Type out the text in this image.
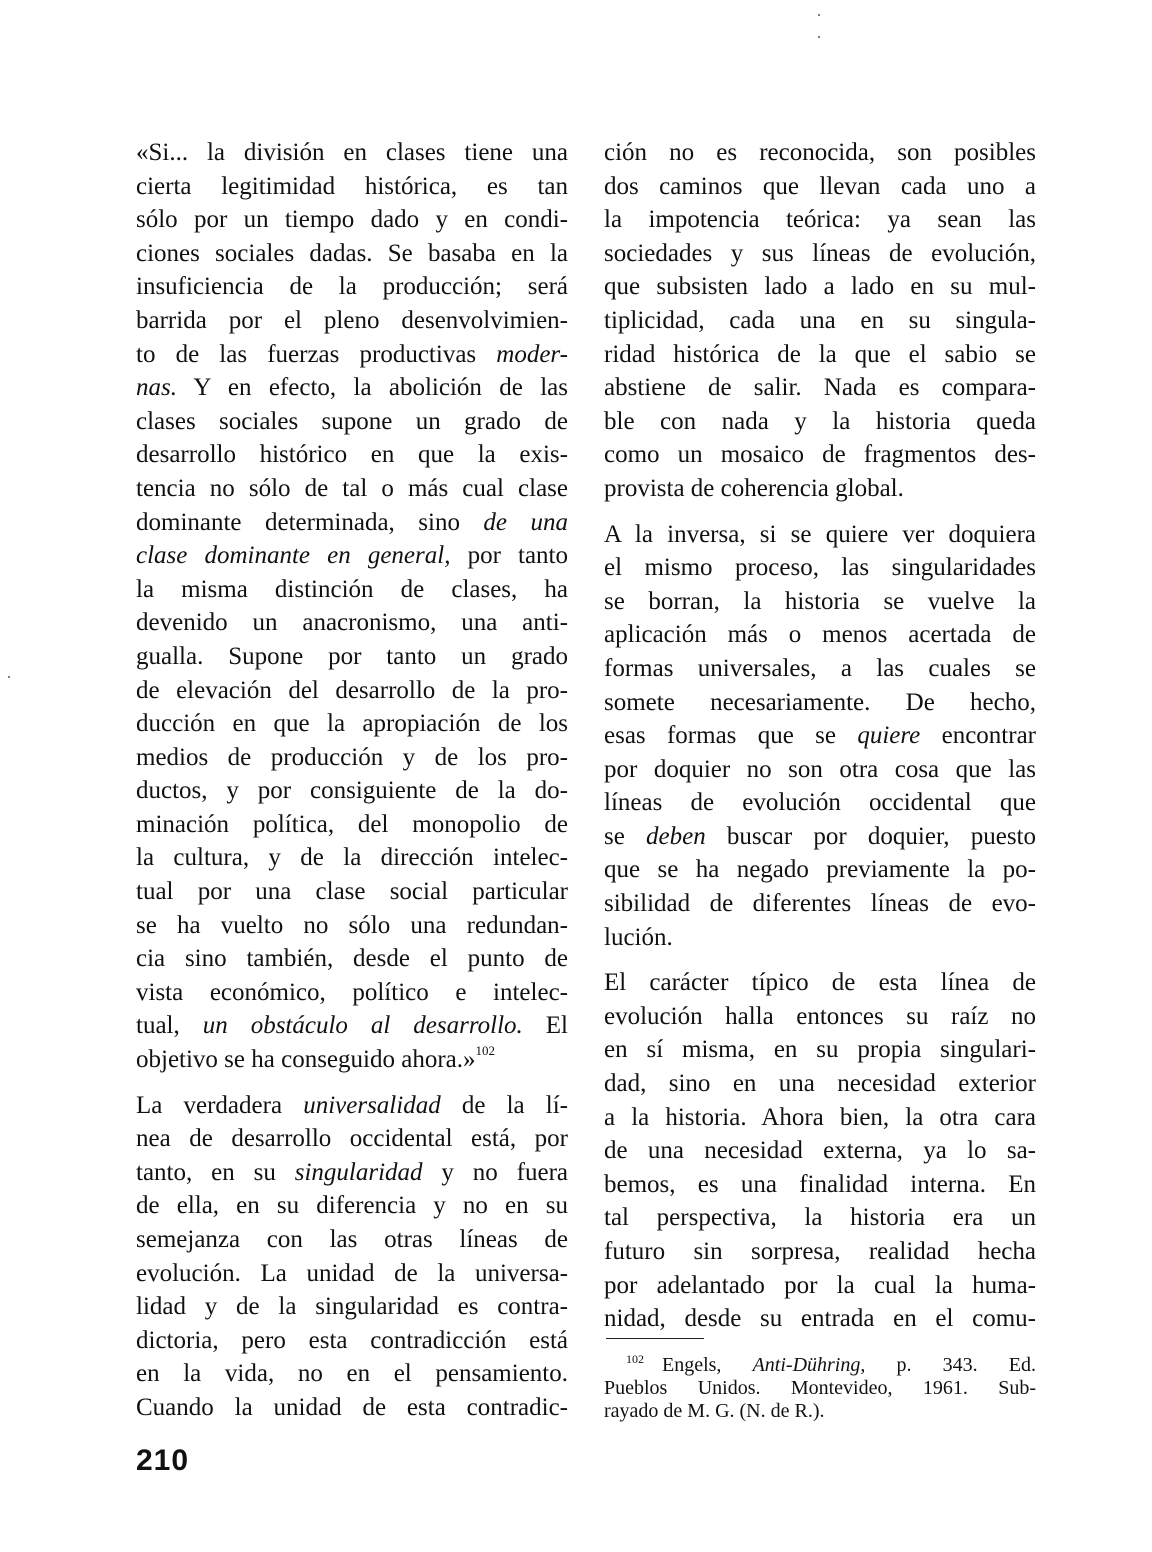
«Si... la división en clases tiene una
cierta legitimidad histórica, es tan
sólo por un tiempo dado y en condi-
ciones sociales dadas. Se basaba en la
insuficiencia de la producción; será
barrida por el pleno desenvolvimien-
to de las fuerzas productivas moder-
nas. Y en efecto, la abolición de las
clases sociales supone un grado de
desarrollo histórico en que la exis-
tencia no sólo de tal o más cual clase
dominante determinada, sino de una
clase dominante en general, por tanto
la misma distinción de clases, ha
devenido un anacronismo, una anti-
gualla. Supone por tanto un grado
de elevación del desarrollo de la pro-
ducción en que la apropiación de los
medios de producción y de los pro-
ductos, y por consiguiente de la do-
minación política, del monopolio de
la cultura, y de la dirección intelec-
tual por una clase social particular
se ha vuelto no sólo una redundan-
cia sino también, desde el punto de
vista económico, político e intelec-
tual, un obstáculo al desarrollo. El
objetivo se ha conseguido ahora.»$^{102}$
La verdadera universalidad de la lí-
nea de desarrollo occidental está, por
tanto, en su singularidad y no fuera
de ella, en su diferencia y no en su
semejanza con las otras líneas de
evolución. La unidad de la universa-
lidad y de la singularidad es contra-
dictoria, pero esta contradicción está
en la vida, no en el pensamiento.
Cuando la unidad de esta contradic-
ción no es reconocida, son posibles
dos caminos que llevan cada uno a
la impotencia teórica: ya sean las
sociedades y sus líneas de evolución,
que subsisten lado a lado en su mul-
tiplicidad, cada una en su singula-
ridad histórica de la que el sabio se
abstiene de salir. Nada es compara-
ble con nada y la historia queda
como un mosaico de fragmentos des-
provista de coherencia global.
A la inversa, si se quiere ver doquiera
el mismo proceso, las singularidades
se borran, la historia se vuelve la
aplicación más o menos acertada de
formas universales, a las cuales se
somete necesariamente. De hecho,
esas formas que se quiere encontrar
por doquier no son otra cosa que las
líneas de evolución occidental que
se deben buscar por doquier, puesto
que se ha negado previamente la po-
sibilidad de diferentes líneas de evo-
lución.
El carácter típico de esta línea de
evolución halla entonces su raíz no
en sí misma, en su propia singulari-
dad, sino en una necesidad exterior
a la historia. Ahora bien, la otra cara
de una necesidad externa, ya lo sa-
bemos, es una finalidad interna. En
tal perspectiva, la historia era un
futuro sin sorpresa, realidad hecha
por adelantado por la cual la huma-
nidad, desde su entrada en el comu-
$^{102}$ Engels, Anti-Dühring, p. 343. Ed.
Pueblos Unidos. Montevideo, 1961. Sub-
rayado de M. G. (N. de R.).
210
